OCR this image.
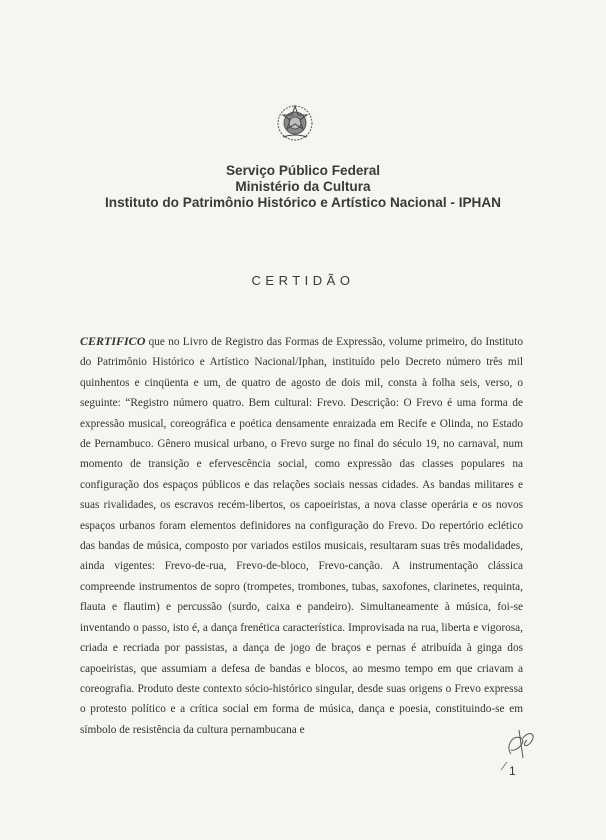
Serviço Público Federal
Ministério da Cultura
Instituto do Patrimônio Histórico e Artístico Nacional - IPHAN
CERTIDÃO
CERTIFICO que no Livro de Registro das Formas de Expressão, volume primeiro, do Instituto do Patrimônio Histórico e Artístico Nacional/Iphan, instituído pelo Decreto número três mil quinhentos e cinqüenta e um, de quatro de agosto de dois mil, consta à folha seis, verso, o seguinte: “Registro número quatro. Bem cultural: Frevo. Descrição: O Frevo é uma forma de expressão musical, coreográfica e poética densamente enraizada em Recife e Olinda, no Estado de Pernambuco. Gênero musical urbano, o Frevo surge no final do século 19, no carnaval, num momento de transição e efervescência social, como expressão das classes populares na configuração dos espaços públicos e das relações sociais nessas cidades. As bandas militares e suas rivalidades, os escravos recém-libertos, os capoeiristas, a nova classe operária e os novos espaços urbanos foram elementos definidores na configuração do Frevo. Do repertório eclético das bandas de música, composto por variados estilos musicais, resultaram suas três modalidades, ainda vigentes: Frevo-de-rua, Frevo-de-bloco, Frevo-canção. A instrumentação clássica compreende instrumentos de sopro (trompetes, trombones, tubas, saxofones, clarinetes, requinta, flauta e flautim) e percussão (surdo, caixa e pandeiro). Simultaneamente à música, foi-se inventando o passo, isto é, a dança frenética característica. Improvisada na rua, liberta e vigorosa, criada e recriada por passistas, a dança de jogo de braços e pernas é atribuída à ginga dos capoeiristas, que assumiam a defesa de bandas e blocos, ao mesmo tempo em que criavam a coreografia. Produto deste contexto sócio-histórico singular, desde suas origens o Frevo expressa o protesto político e a crítica social em forma de música, dança e poesia, constituindo-se em símbolo de resistência da cultura pernambucana e
1
